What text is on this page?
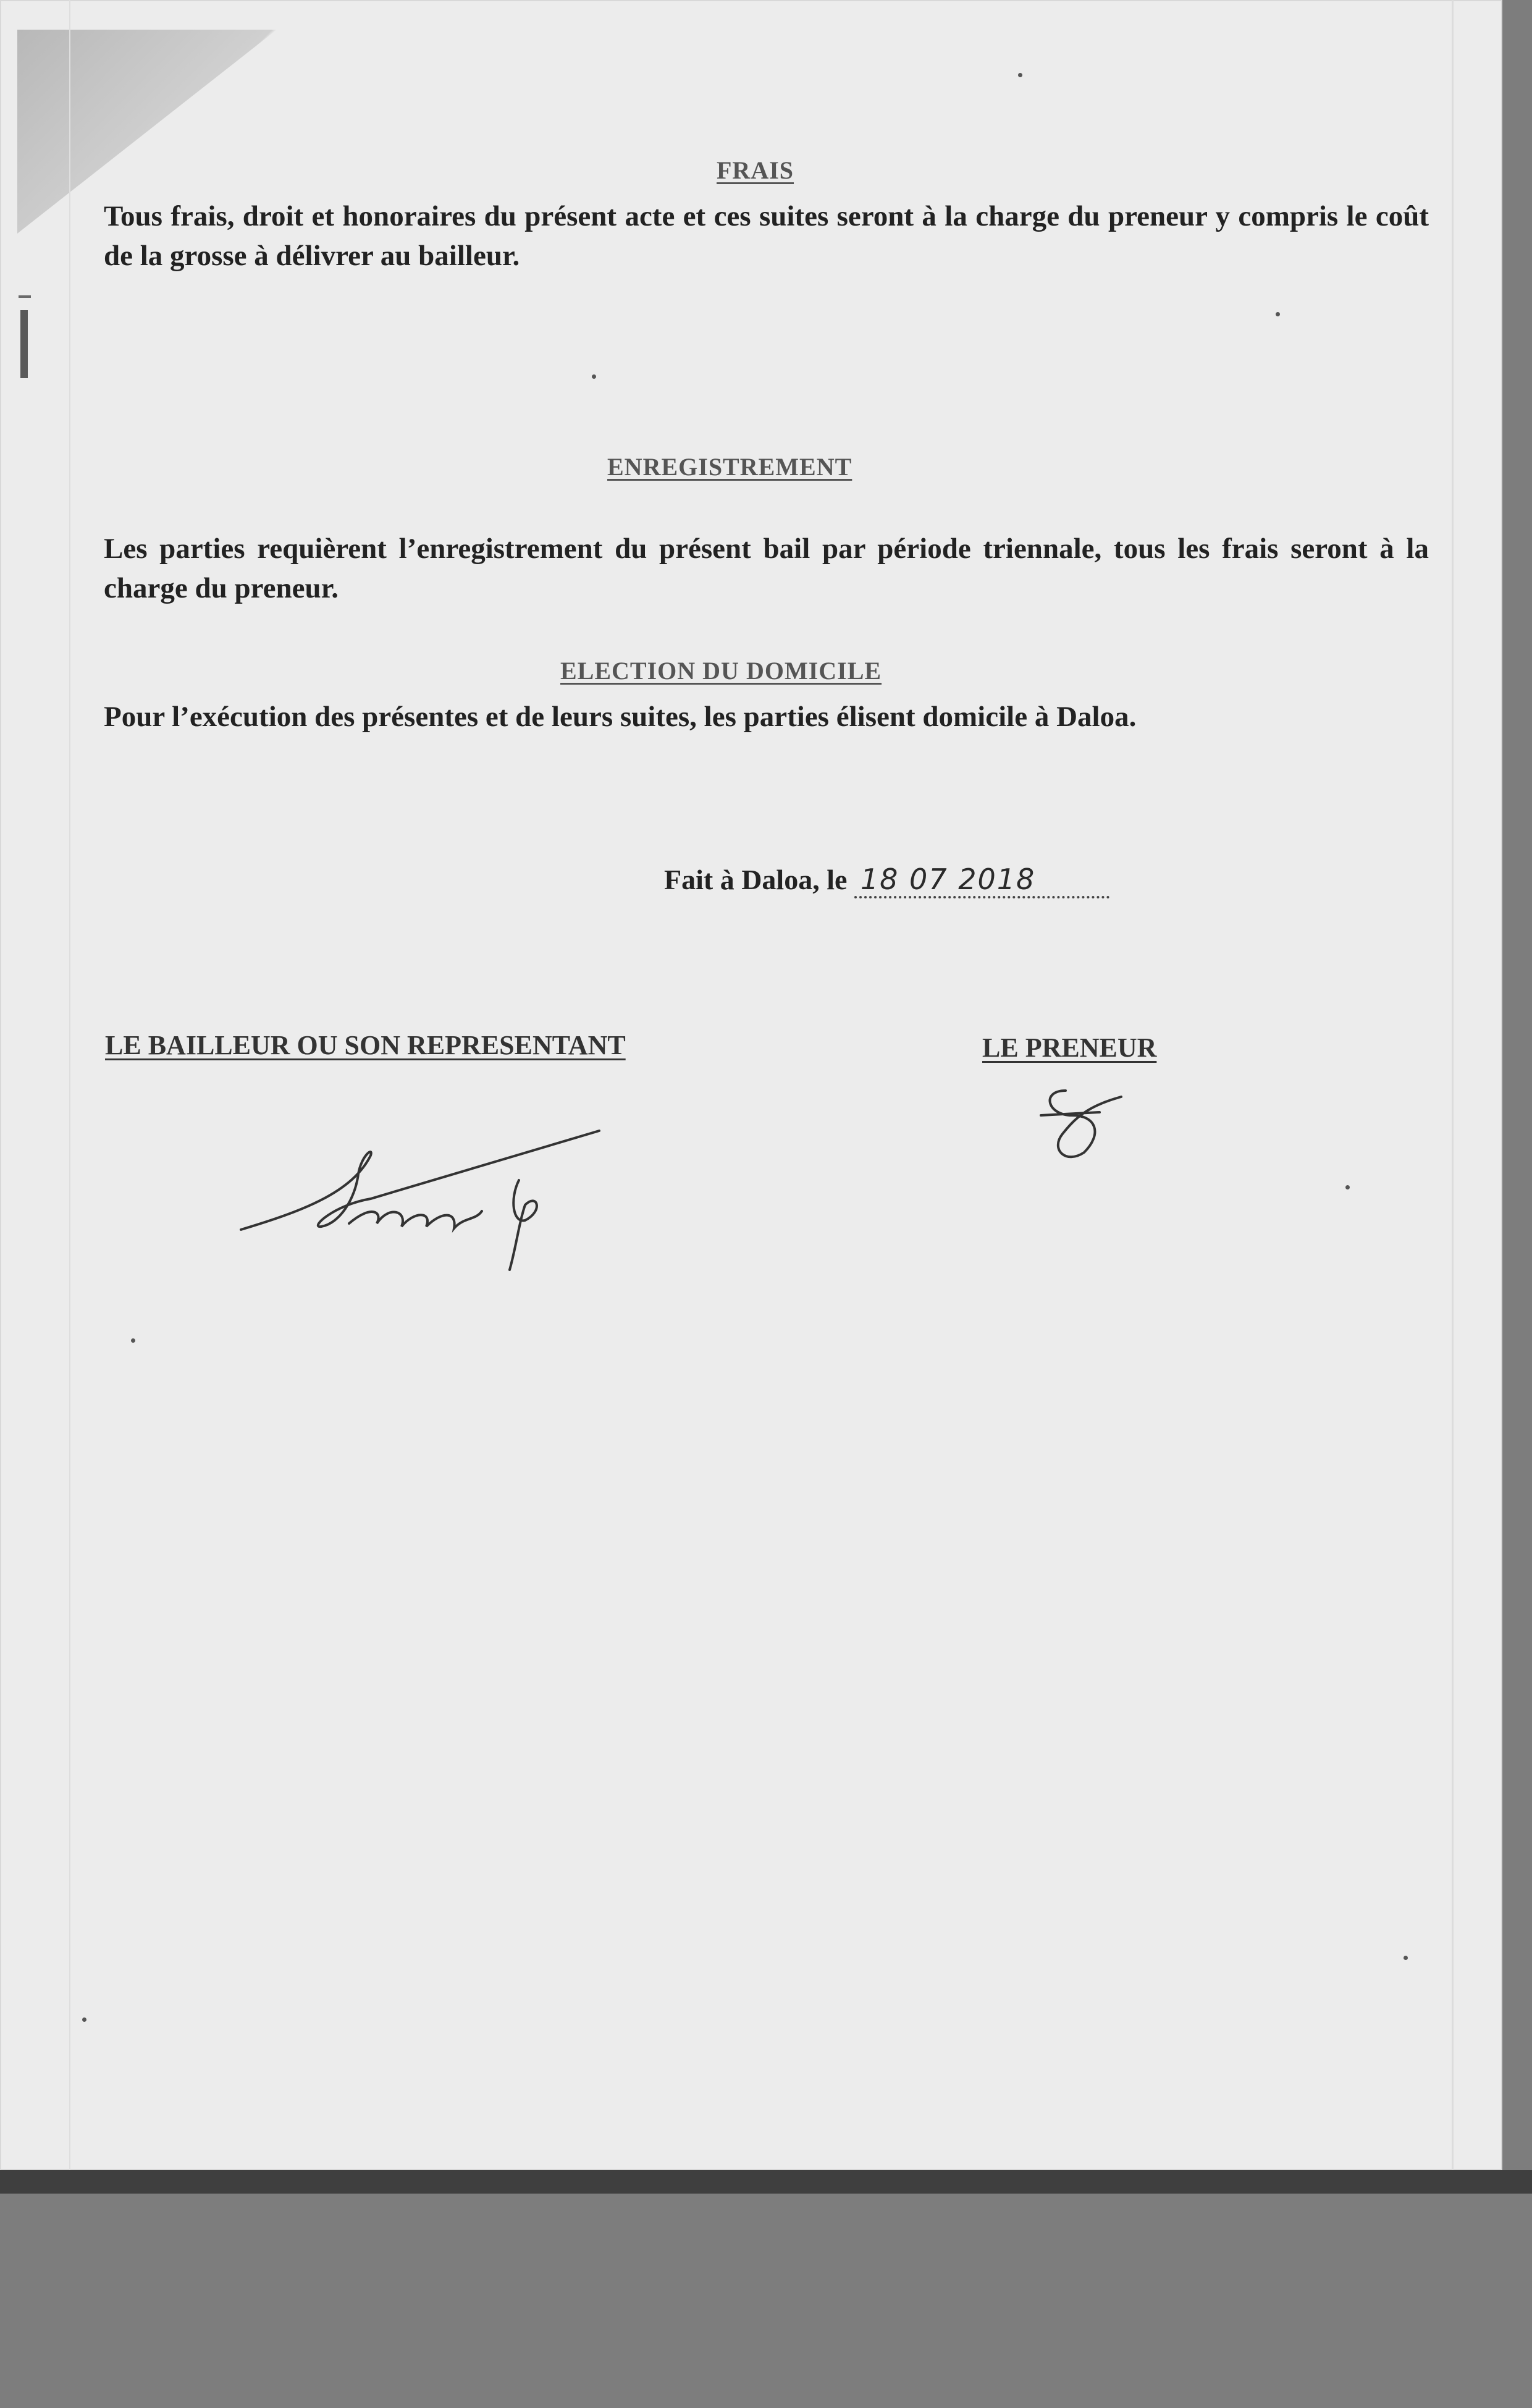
FRAIS

Tous frais, droit et honoraires du présent acte et ces suites seront à la charge du preneur y compris le coût de la grosse à délivrer au bailleur.

ENREGISTREMENT

Les parties requièrent l’enregistrement du présent bail par période triennale, tous les frais seront à la charge du preneur.

ELECTION DU DOMICILE

Pour l’exécution des présentes et de leurs suites, les parties élisent domicile à Daloa.

Fait à Daloa, le 18 07 2018

LE BAILLEUR OU SON REPRESENTANT	LE PRENEUR
